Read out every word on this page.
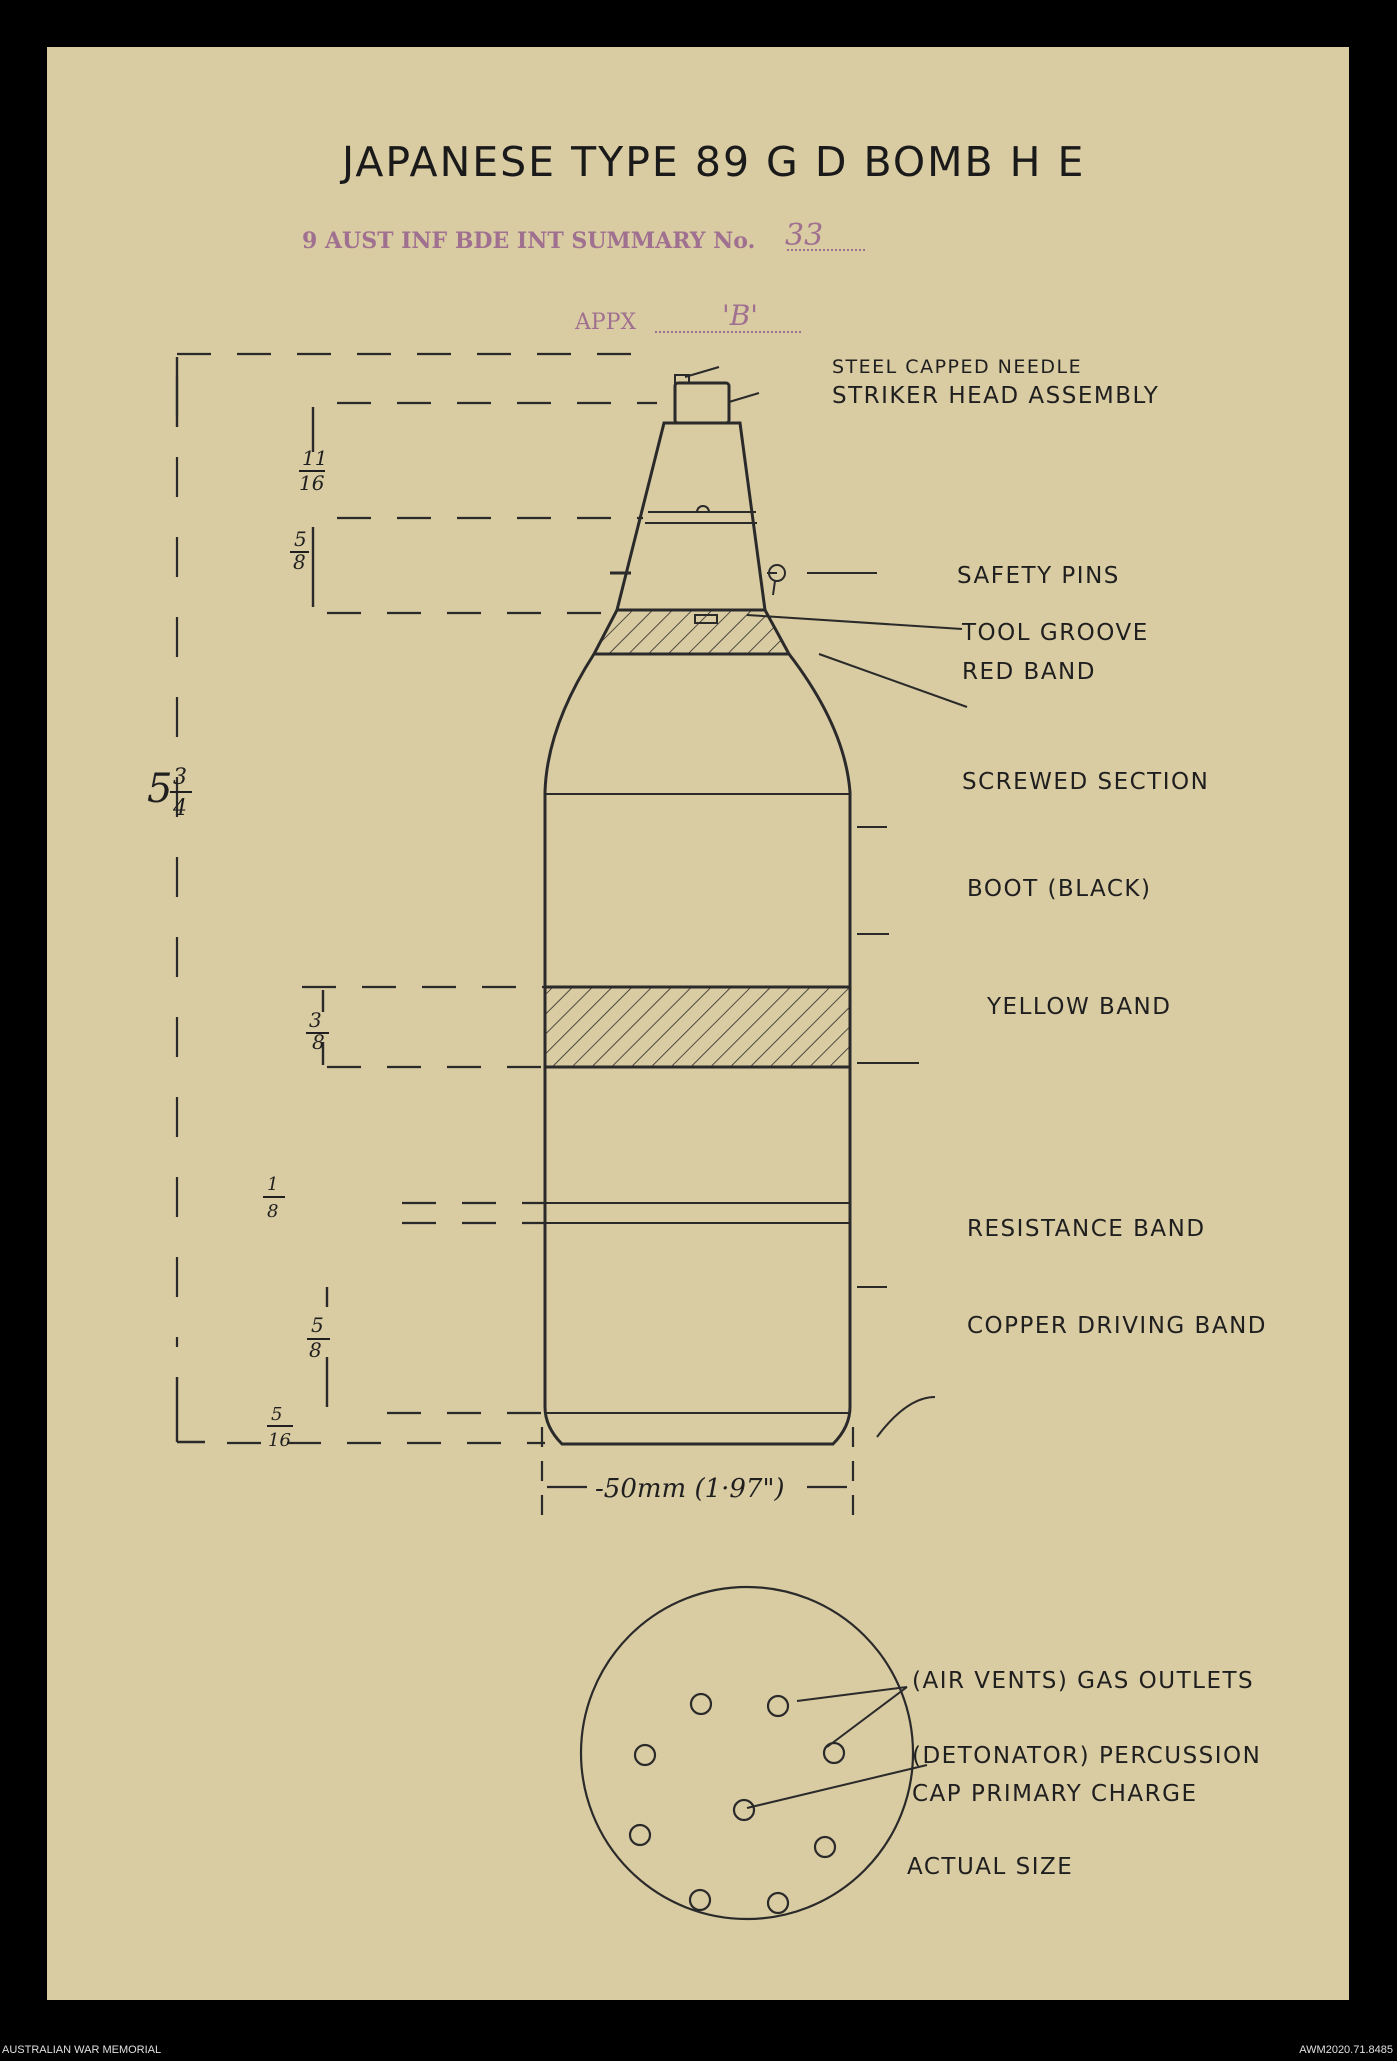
JAPANESE TYPE 89 G D BOMB H E
9 AUST INF BDE INT SUMMARY No. 33
APPX	'B'
5 3
4
11
16
5
8
3
8
1
8
5
8
5
16
-50mm (1·97")
STEEL CAPPED NEEDLE
STRIKER HEAD ASSEMBLY
SAFETY PINS
TOOL GROOVE
RED BAND
SCREWED SECTION
BOOT (BLACK)
YELLOW BAND
RESISTANCE BAND
COPPER DRIVING BAND
(AIR VENTS) GAS OUTLETS
(DETONATOR) PERCUSSION
CAP PRIMARY CHARGE
ACTUAL SIZE
AUSTRALIAN WAR MEMORIAL	AWM2020.71.8485
